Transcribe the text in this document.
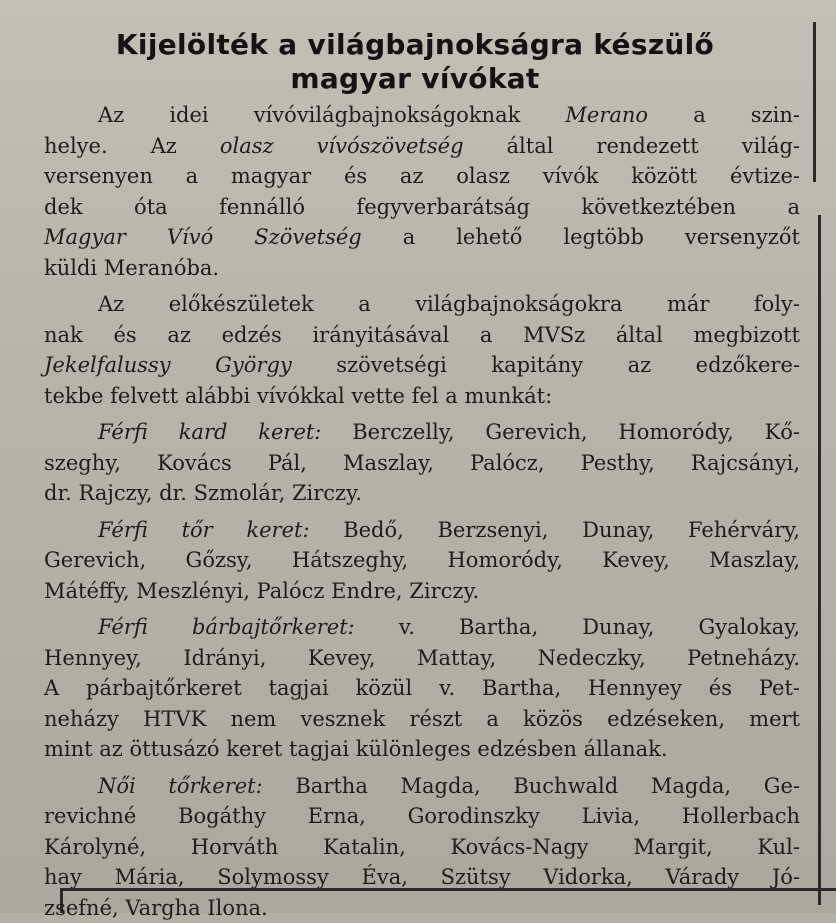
Kijelölték a világbajnokságra készülő
magyar vívókat
Az idei vívóvilágbajnokságoknak Merano a szin-
helye. Az olasz vívószövetség által rendezett világ-
versenyen a magyar és az olasz vívók között évtize-
dek óta fennálló fegyverbarátság következtében a
Magyar Vívó Szövetség a lehető legtöbb versenyzőt
küldi Meranóba.
Az előkészületek a világbajnokságokra már foly-
nak és az edzés irányitásával a MVSz által megbizott
Jekelfalussy György szövetségi kapitány az edzőkere-
tekbe felvett alábbi vívókkal vette fel a munkát:
Férfi kard keret: Berczelly, Gerevich, Homoródy, Kő-
szeghy, Kovács Pál, Maszlay, Palócz, Pesthy, Rajcsányi,
dr. Rajczy, dr. Szmolár, Zirczy.
Férfi tőr keret: Bedő, Berzsenyi, Dunay, Fehérváry,
Gerevich, Gőzsy, Hátszeghy, Homoródy, Kevey, Maszlay,
Mátéffy, Meszlényi, Palócz Endre, Zirczy.
Férfi bárbajtőrkeret: v. Bartha, Dunay, Gyalokay,
Hennyey, Idrányi, Kevey, Mattay, Nedeczky, Petneházy.
A párbajtőrkeret tagjai közül v. Bartha, Hennyey és Pet-
neházy HTVK nem vesznek részt a közös edzéseken, mert
mint az öttusázó keret tagjai különleges edzésben állanak.
Női tőrkeret: Bartha Magda, Buchwald Magda, Ge-
revichné Bogáthy Erna, Gorodinszky Livia, Hollerbach
Károlyné, Horváth Katalin, Kovács-Nagy Margit, Kul-
hay Mária, Solymossy Éva, Szütsy Vidorka, Várady Jó-
zsefné, Vargha Ilona.
